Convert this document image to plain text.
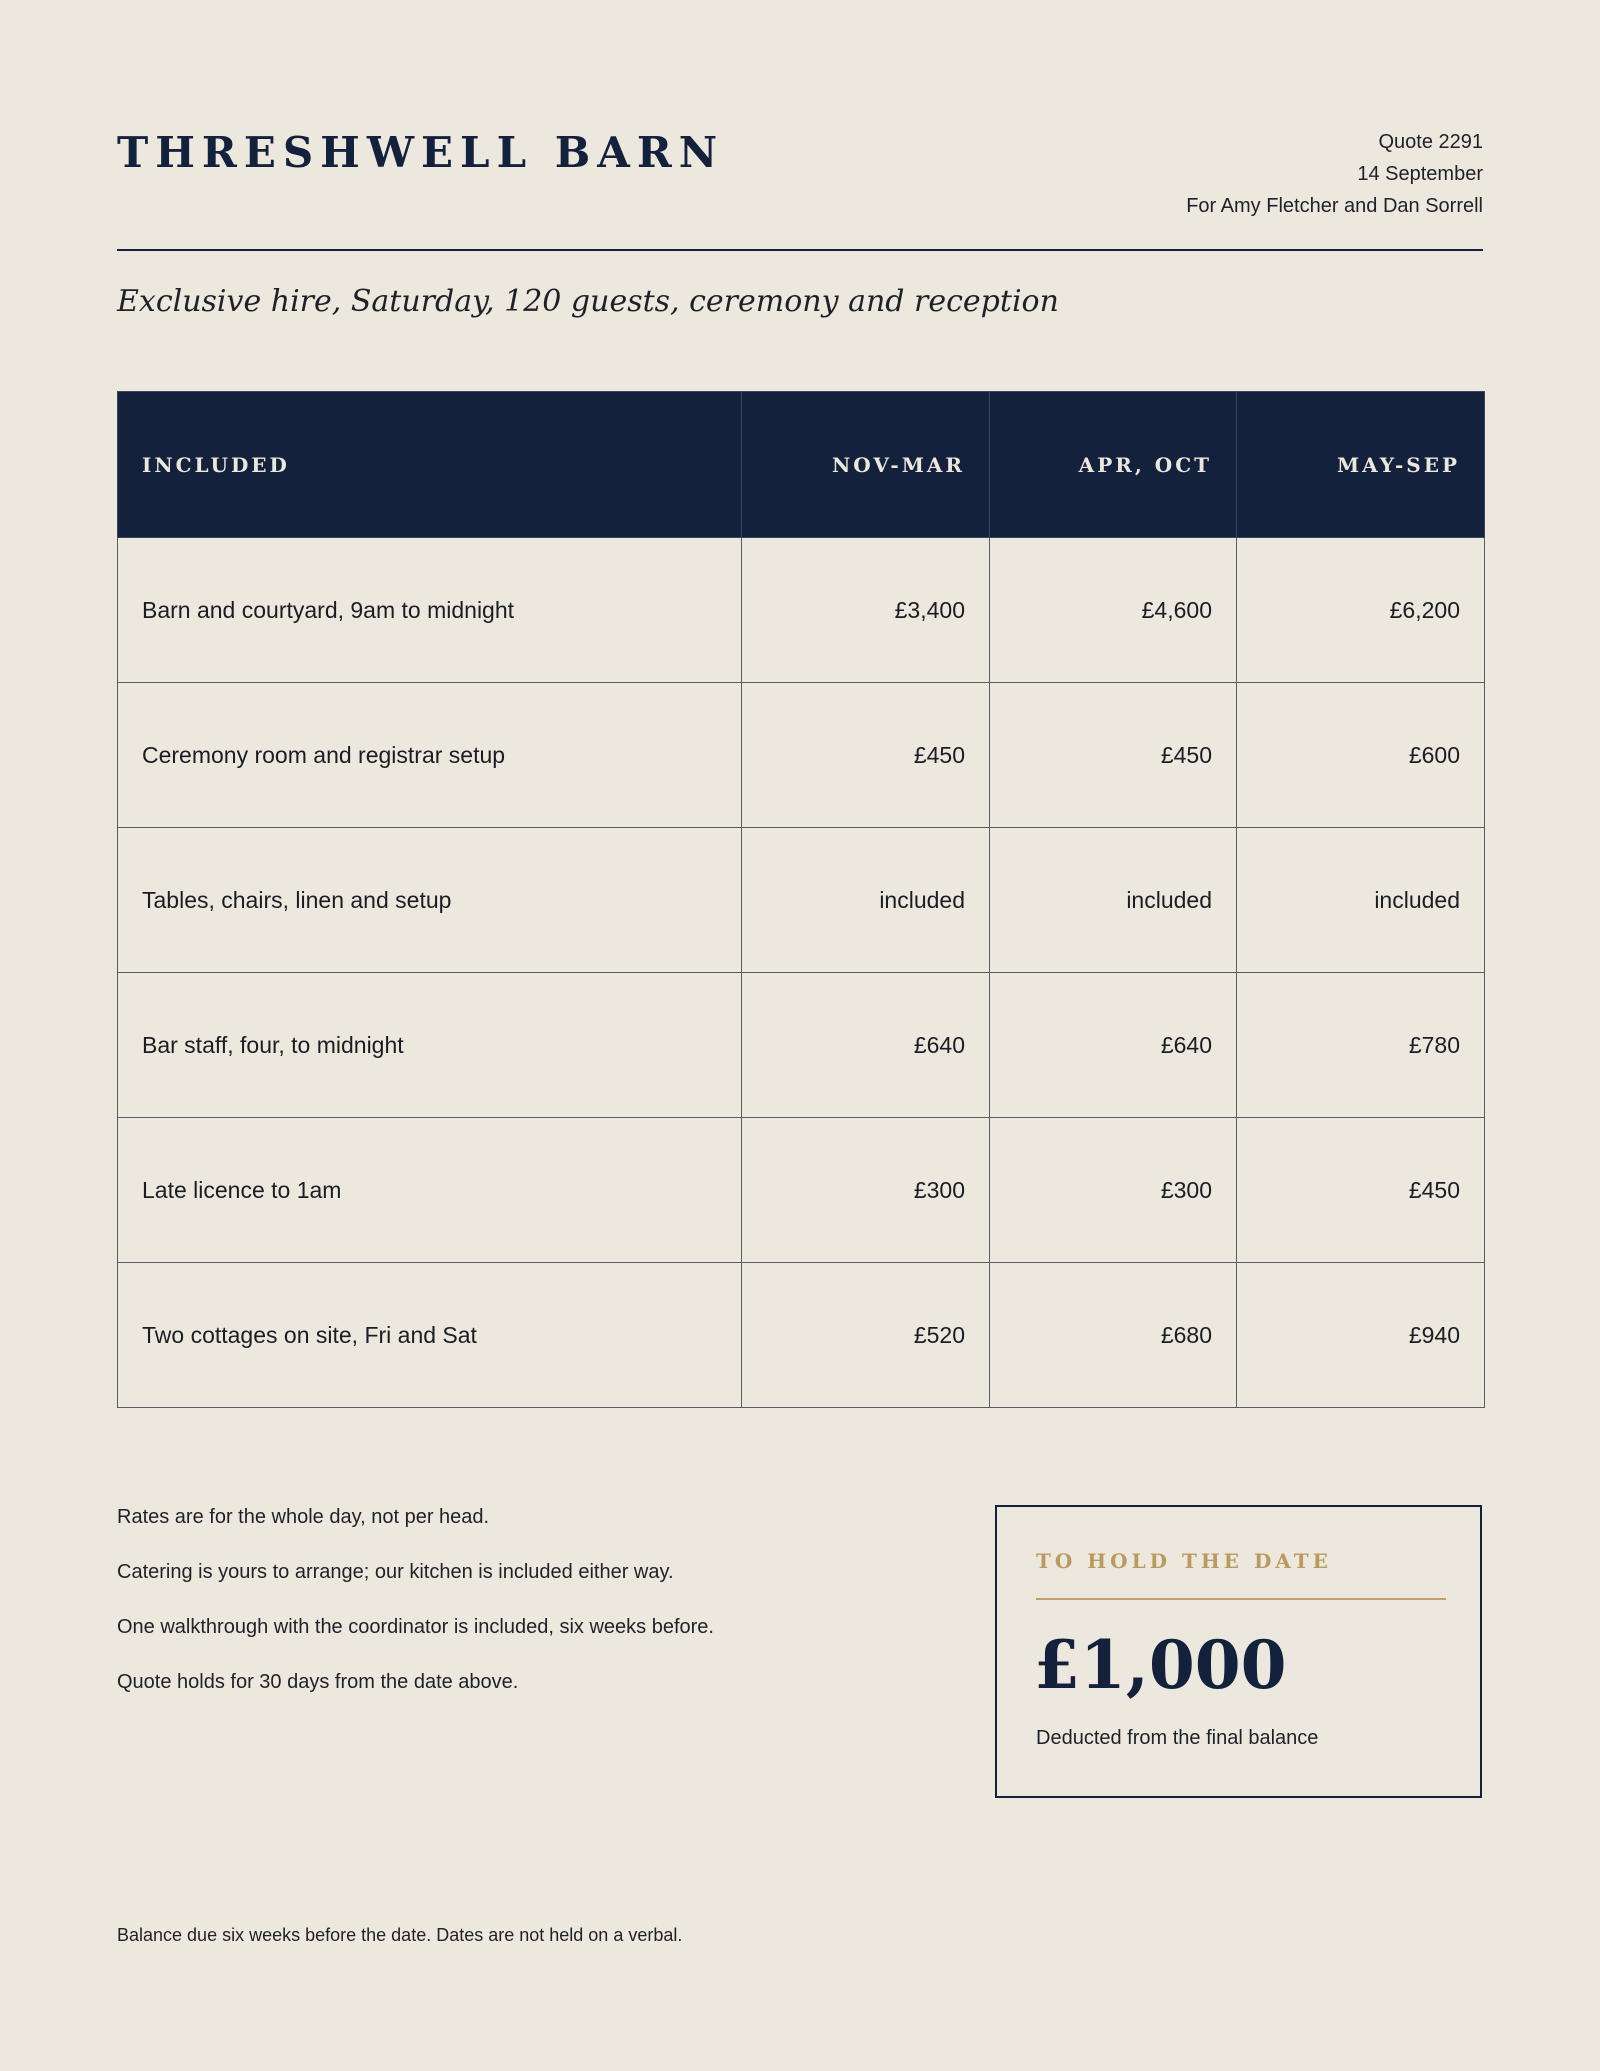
THRESHWELL BARN	Quote 2291
14 September
For Amy Fletcher and Dan Sorrell

Exclusive hire, Saturday, 120 guests, ceremony and reception

INCLUDED	NOV-MAR	APR, OCT	MAY-SEP
Barn and courtyard, 9am to midnight	£3,400	£4,600	£6,200
Ceremony room and registrar setup	£450	£450	£600
Tables, chairs, linen and setup	included	included	included
Bar staff, four, to midnight	£640	£640	£780
Late licence to 1am	£300	£300	£450
Two cottages on site, Fri and Sat	£520	£680	£940

Rates are for the whole day, not per head.

Catering is yours to arrange; our kitchen is included either way.

One walkthrough with the coordinator is included, six weeks before.

Quote holds for 30 days from the date above.

TO HOLD THE DATE
£1,000
Deducted from the final balance
Balance due six weeks before the date. Dates are not held on a verbal.
